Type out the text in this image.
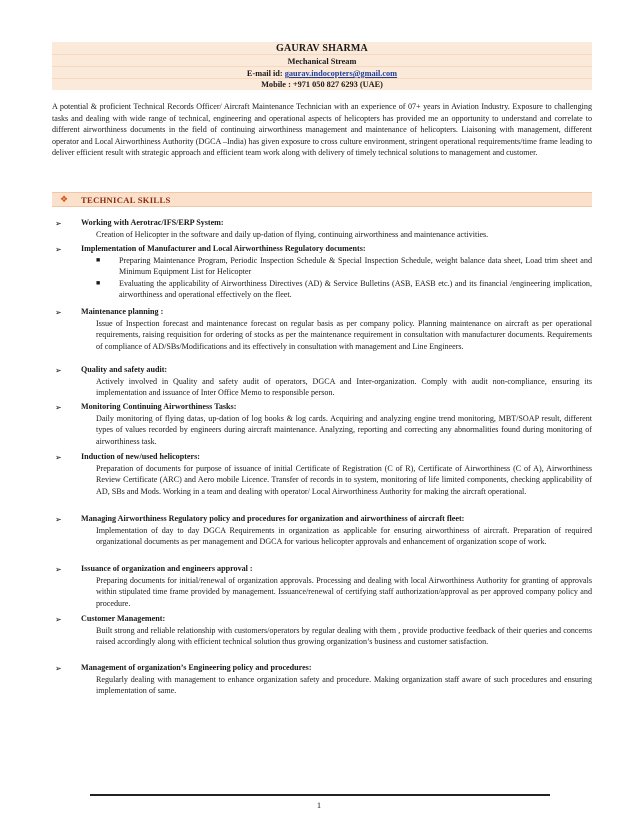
GAURAV SHARMA
Mechanical Stream
E-mail id: gaurav.indocopters@gmail.com
Mobile : +971 050 827 6293 (UAE)

A potential & proficient Technical Records Officer/ Aircraft Maintenance Technician with an experience of 07+ years in Aviation Industry. Exposure to challenging tasks and dealing with wide range of technical, engineering and operational aspects of helicopters has provided me an opportunity to understand and correlate to different airworthiness documents in the field of continuing airworthiness management and maintenance of helicopters. Liaisoning with management, different operator and Local Airworthiness Authority (DGCA –India) has given exposure to cross culture environment, stringent operational requirements/time frame leading to deliver efficient result with strategic approach and efficient team work along with delivery of timely technical solutions to management and customer.

❖ TECHNICAL SKILLS
➢ Working with Aerotrac/IFS/ERP System:

Creation of Helicopter in the software and daily up-dation of flying, continuing airworthiness and maintenance activities.

➢ Implementation of Manufacturer and Local Airworthiness Regulatory documents:
■ Preparing Maintenance Program, Periodic Inspection Schedule & Special Inspection Schedule, weight balance data sheet, Load trim sheet and Minimum Equipment List for Helicopter
■ Evaluating the applicability of Airworthiness Directives (AD) & Service Bulletins (ASB, EASB etc.) and its financial /engineering implication, airworthiness and operational effectively on the fleet.
➢ Maintenance planning :

Issue of Inspection forecast and maintenance forecast on regular basis as per company policy. Planning maintenance on aircraft as per operational requirements, raising requisition for ordering of stocks as per the maintenance requirement in consultation with manufacturer documents. Requirements of compliance of AD/SBs/Modifications and its effectively in consultation with management and Line Engineers.

➢ Quality and safety audit:

Actively involved in Quality and safety audit of operators, DGCA and Inter-organization. Comply with audit non-compliance, ensuring its implementation and issuance of Inter Office Memo to responsible person.

➢ Monitoring Continuing Airworthiness Tasks:

Daily monitoring of flying datas, up-dation of log books & log cards. Acquiring and analyzing engine trend monitoring, MBT/SOAP result, different types of values recorded by engineers during aircraft maintenance. Analyzing, reporting and correcting any abnormalities found during monitoring of airworthiness task.

➢ Induction of new/used helicopters:

Preparation of documents for purpose of issuance of initial Certificate of Registration (C of R), Certificate of Airworthiness (C of A), Airworthiness Review Certificate (ARC) and Aero mobile Licence. Transfer of records in to system, monitoring of life limited components, checking applicability of AD, SBs and Mods. Working in a team and dealing with operator/ Local Airworthiness Authority for making the aircraft operational.

➢ Managing Airworthiness Regulatory policy and procedures for organization and airworthiness of aircraft fleet:

Implementation of day to day DGCA Requirements in organization as applicable for ensuring airworthiness of aircraft. Preparation of required organizational documents as per management and DGCA for various helicopter approvals and enhancement of organization scope of work.

➢ Issuance of organization and engineers approval :

Preparing documents for initial/renewal of organization approvals. Processing and dealing with local Airworthiness Authority for granting of approvals within stipulated time frame provided by management. Issuance/renewal of certifying staff authorization/approval as per approved company policy and procedure.

➢ Customer Management:

Built strong and reliable relationship with customers/operators by regular dealing with them , provide productive feedback of their queries and concerns raised accordingly along with efficient technical solution thus growing organization’s business and customer satisfaction.

➢ Management of organization’s Engineering policy and procedures:

Regularly dealing with management to enhance organization safety and procedure. Making organization staff aware of such procedures and ensuring implementation of same.

1
